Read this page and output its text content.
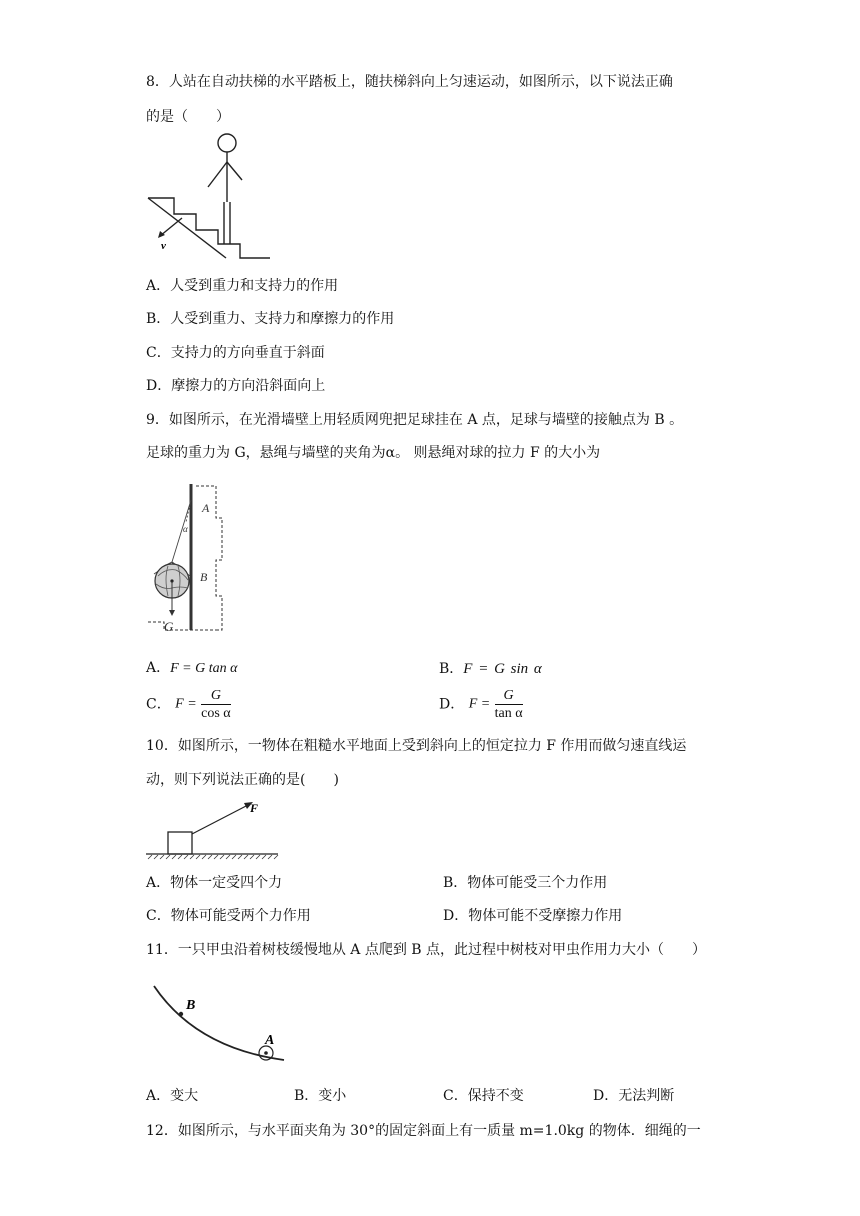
8．人站在自动扶梯的水平踏板上，随扶梯斜向上匀速运动，如图所示，以下说法正确
的是（　　）
v
A．人受到重力和支持力的作用
B．人受到重力、支持力和摩擦力的作用
C．支持力的方向垂直于斜面
D．摩擦力的方向沿斜面向上
9．如图所示，在光滑墙壁上用轻质网兜把足球挂在 A 点，足球与墙壁的接触点为 B 。
足球的重力为 G，悬绳与墙壁的夹角为α。 则悬绳对球的拉力 F 的大小为
A
B
α
G
A．F = G tan α	B．F = G sin α
C． $F = \frac{G}{\text{cos α}}$	D． $F = \frac{G}{\text{tan α}}$
10．如图所示，一物体在粗糙水平地面上受到斜向上的恒定拉力 F 作用而做匀速直线运
动，则下列说法正确的是(　　)
F
A．物体一定受四个力	B．物体可能受三个力作用
C．物体可能受两个力作用	D．物体可能不受摩擦力作用
11．一只甲虫沿着树枝缓慢地从 A 点爬到 B 点，此过程中树枝对甲虫作用力大小（　　）
B
A
A．变大	B．变小	C．保持不变	D．无法判断
12．如图所示，与水平面夹角为 30°的固定斜面上有一质量 m=1.0kg 的物体．细绳的一
